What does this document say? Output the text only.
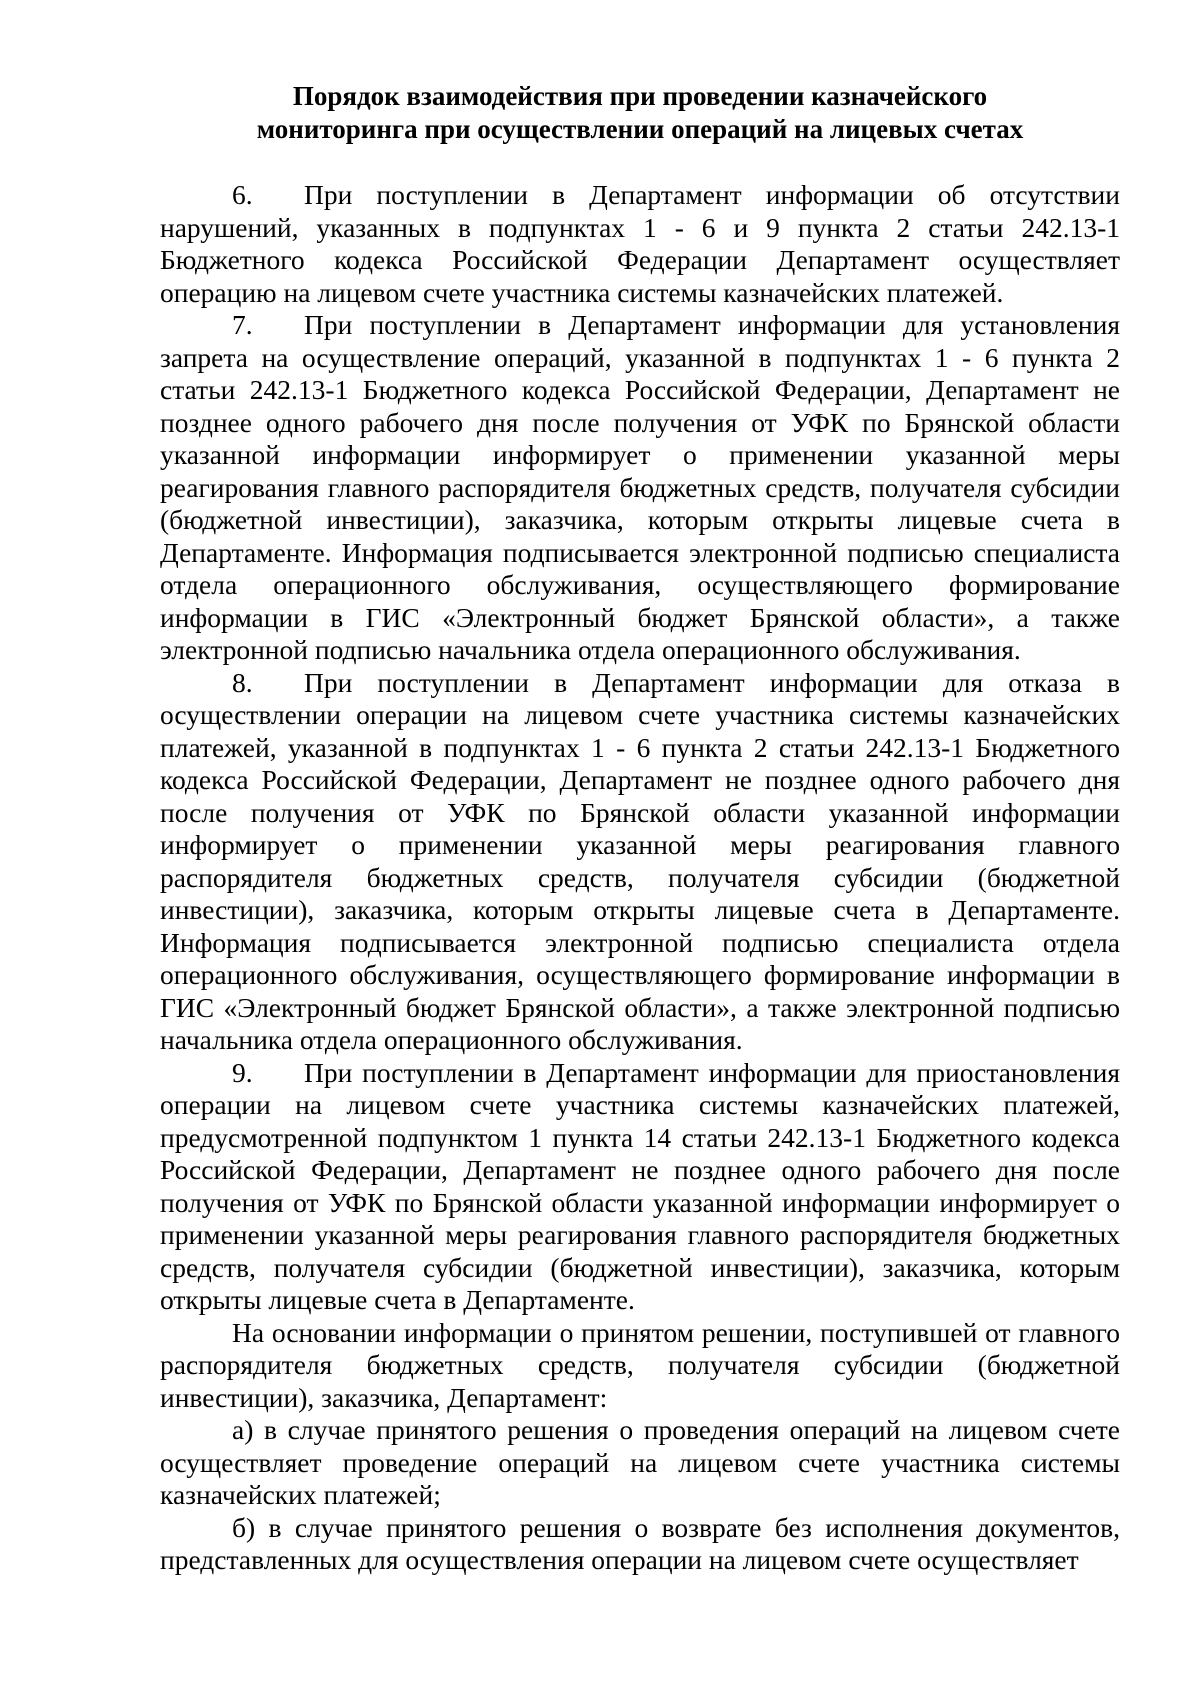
Порядок взаимодействия при проведении казначейского
мониторинга при осуществлении операций на лицевых счетах

6. При поступлении в Департамент информации об отсутствии нарушений, указанных в подпунктах 1 - 6 и 9 пункта 2 статьи 242.13-1 Бюджетного кодекса Российской Федерации Департамент осуществляет операцию на лицевом счете участника системы казначейских платежей.

7. При поступлении в Департамент информации для установления запрета на осуществление операций, указанной в подпунктах 1 - 6 пункта 2 статьи 242.13-1 Бюджетного кодекса Российской Федерации, Департамент не позднее одного рабочего дня после получения от УФК по Брянской области указанной информации информирует о применении указанной меры реагирования главного распорядителя бюджетных средств, получателя субсидии (бюджетной инвестиции), заказчика, которым открыты лицевые счета в Департаменте. Информация подписывается электронной подписью специалиста отдела операционного обслуживания, осуществляющего формирование информации в ГИС «Электронный бюджет Брянской области», а также электронной подписью начальника отдела операционного обслуживания.

8. При поступлении в Департамент информации для отказа в осуществлении операции на лицевом счете участника системы казначейских платежей, указанной в подпунктах 1 - 6 пункта 2 статьи 242.13-1 Бюджетного кодекса Российской Федерации, Департамент не позднее одного рабочего дня после получения от УФК по Брянской области указанной информации информирует о применении указанной меры реагирования главного распорядителя бюджетных средств, получателя субсидии (бюджетной инвестиции), заказчика, которым открыты лицевые счета в Департаменте. Информация подписывается электронной подписью специалиста отдела операционного обслуживания, осуществляющего формирование информации в ГИС «Электронный бюджет Брянской области», а также электронной подписью начальника отдела операционного обслуживания.

9. При поступлении в Департамент информации для приостановления операции на лицевом счете участника системы казначейских платежей, предусмотренной подпунктом 1 пункта 14 статьи 242.13-1 Бюджетного кодекса Российской Федерации, Департамент не позднее одного рабочего дня после получения от УФК по Брянской области указанной информации информирует о применении указанной меры реагирования главного распорядителя бюджетных средств, получателя субсидии (бюджетной инвестиции), заказчика, которым открыты лицевые счета в Департаменте.

На основании информации о принятом решении, поступившей от главного распорядителя бюджетных средств, получателя субсидии (бюджетной инвестиции), заказчика, Департамент:

а) в случае принятого решения о проведения операций на лицевом счете осуществляет проведение операций на лицевом счете участника системы казначейских платежей;

б) в случае принятого решения о возврате без исполнения документов, представленных для осуществления операции на лицевом счете осуществляет
